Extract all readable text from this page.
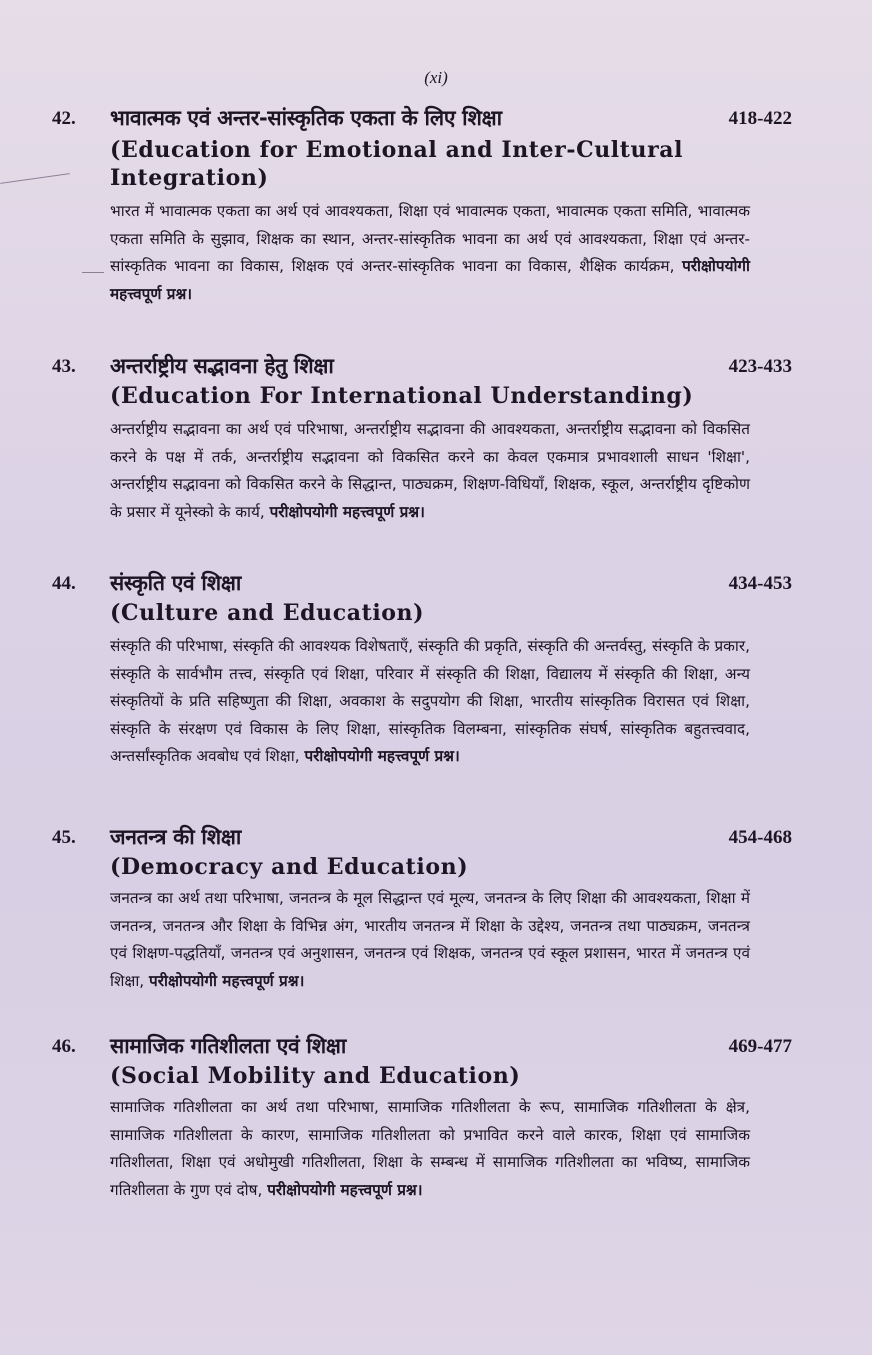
(xi)
42. भावात्मक एवं अन्तर-सांस्कृतिक एकता के लिए शिक्षा	418-422
(Education for Emotional and Inter-Cultural Integration)
भारत में भावात्मक एकता का अर्थ एवं आवश्यकता, शिक्षा एवं भावात्मक एकता, भावात्मक एकता समिति, भावात्मक एकता समिति के सुझाव, शिक्षक का स्थान, अन्तर-सांस्कृतिक भावना का अर्थ एवं आवश्यकता, शिक्षा एवं अन्तर-सांस्कृतिक भावना का विकास, शिक्षक एवं अन्तर-सांस्कृतिक भावना का विकास, शैक्षिक कार्यक्रम, परीक्षोपयोगी महत्त्वपूर्ण प्रश्न।
43. अन्तर्राष्ट्रीय सद्भावना हेतु शिक्षा	423-433
(Education For International Understanding)
अन्तर्राष्ट्रीय सद्भावना का अर्थ एवं परिभाषा, अन्तर्राष्ट्रीय सद्भावना की आवश्यकता, अन्तर्राष्ट्रीय सद्भावना को विकसित करने के पक्ष में तर्क, अन्तर्राष्ट्रीय सद्भावना को विकसित करने का केवल एकमात्र प्रभावशाली साधन 'शिक्षा', अन्तर्राष्ट्रीय सद्भावना को विकसित करने के सिद्धान्त, पाठ्यक्रम, शिक्षण-विधियाँ, शिक्षक, स्कूल, अन्तर्राष्ट्रीय दृष्टिकोण के प्रसार में यूनेस्को के कार्य, परीक्षोपयोगी महत्त्वपूर्ण प्रश्न।
44. संस्कृति एवं शिक्षा	434-453
(Culture and Education)
संस्कृति की परिभाषा, संस्कृति की आवश्यक विशेषताएँ, संस्कृति की प्रकृति, संस्कृति की अन्तर्वस्तु, संस्कृति के प्रकार, संस्कृति के सार्वभौम तत्त्व, संस्कृति एवं शिक्षा, परिवार में संस्कृति की शिक्षा, विद्यालय में संस्कृति की शिक्षा, अन्य संस्कृतियों के प्रति सहिष्णुता की शिक्षा, अवकाश के सदुपयोग की शिक्षा, भारतीय सांस्कृतिक विरासत एवं शिक्षा, संस्कृति के संरक्षण एवं विकास के लिए शिक्षा, सांस्कृतिक विलम्बना, सांस्कृतिक संघर्ष, सांस्कृतिक बहुतत्त्ववाद, अन्तर्सांस्कृतिक अवबोध एवं शिक्षा, परीक्षोपयोगी महत्त्वपूर्ण प्रश्न।
45. जनतन्त्र की शिक्षा	454-468
(Democracy and Education)
जनतन्त्र का अर्थ तथा परिभाषा, जनतन्त्र के मूल सिद्धान्त एवं मूल्य, जनतन्त्र के लिए शिक्षा की आवश्यकता, शिक्षा में जनतन्त्र, जनतन्त्र और शिक्षा के विभिन्न अंग, भारतीय जनतन्त्र में शिक्षा के उद्देश्य, जनतन्त्र तथा पाठ्यक्रम, जनतन्त्र एवं शिक्षण-पद्धतियाँ, जनतन्त्र एवं अनुशासन, जनतन्त्र एवं शिक्षक, जनतन्त्र एवं स्कूल प्रशासन, भारत में जनतन्त्र एवं शिक्षा, परीक्षोपयोगी महत्त्वपूर्ण प्रश्न।
46. सामाजिक गतिशीलता एवं शिक्षा	469-477
(Social Mobility and Education)
सामाजिक गतिशीलता का अर्थ तथा परिभाषा, सामाजिक गतिशीलता के रूप, सामाजिक गतिशीलता के क्षेत्र, सामाजिक गतिशीलता के कारण, सामाजिक गतिशीलता को प्रभावित करने वाले कारक, शिक्षा एवं सामाजिक गतिशीलता, शिक्षा एवं अधोमुखी गतिशीलता, शिक्षा के सम्बन्ध में सामाजिक गतिशीलता का भविष्य, सामाजिक गतिशीलता के गुण एवं दोष, परीक्षोपयोगी महत्त्वपूर्ण प्रश्न।
